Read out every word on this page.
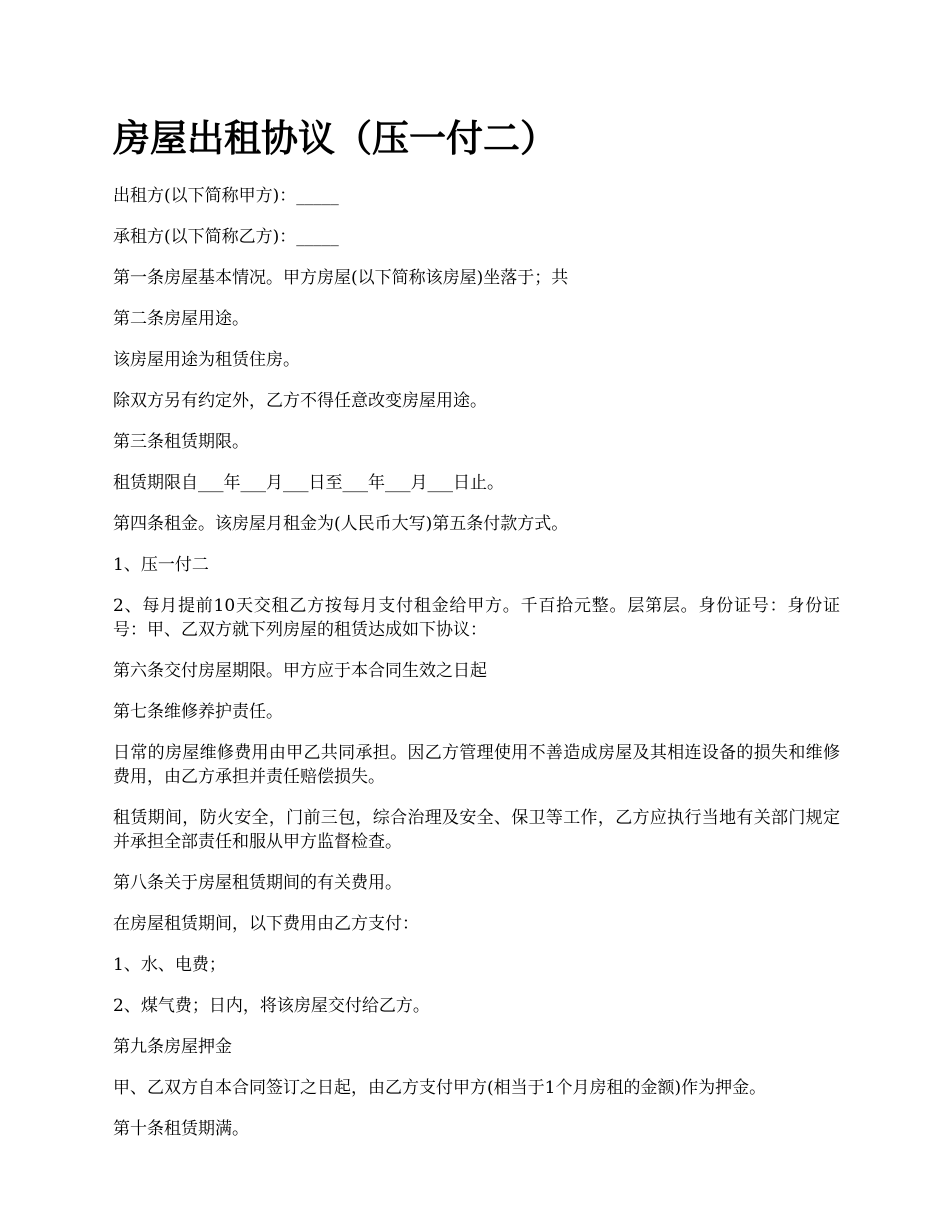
房屋出租协议（压一付二）

出租方(以下简称甲方)：_____

承租方(以下简称乙方)：_____

第一条房屋基本情况。甲方房屋(以下简称该房屋)坐落于；共

第二条房屋用途。

该房屋用途为租赁住房。

除双方另有约定外，乙方不得任意改变房屋用途。

第三条租赁期限。

租赁期限自___年___月___日至___年___月___日止。

第四条租金。该房屋月租金为(人民币大写)第五条付款方式。

1、压一付二

2、每月提前10天交租乙方按每月支付租金给甲方。千百拾元整。层第层。身份证号：身份证号：甲、乙双方就下列房屋的租赁达成如下协议：

第六条交付房屋期限。甲方应于本合同生效之日起

第七条维修养护责任。

日常的房屋维修费用由甲乙共同承担。因乙方管理使用不善造成房屋及其相连设备的损失和维修费用，由乙方承担并责任赔偿损失。

租赁期间，防火安全，门前三包，综合治理及安全、保卫等工作，乙方应执行当地有关部门规定并承担全部责任和服从甲方监督检查。

第八条关于房屋租赁期间的有关费用。

在房屋租赁期间，以下费用由乙方支付：

1、水、电费；

2、煤气费；日内，将该房屋交付给乙方。

第九条房屋押金

甲、乙双方自本合同签订之日起，由乙方支付甲方(相当于1个月房租的金额)作为押金。

第十条租赁期满。
